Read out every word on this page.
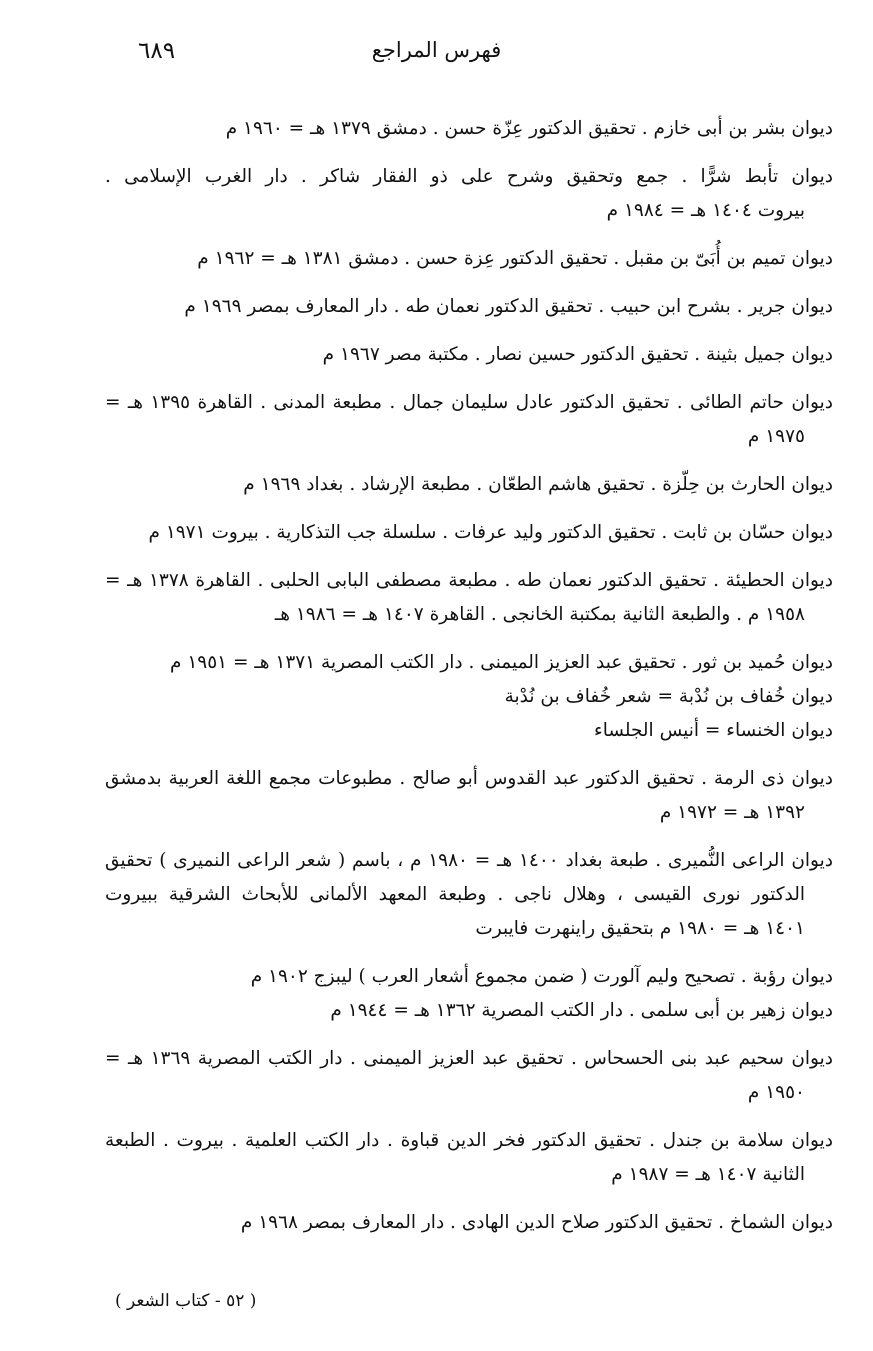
فهرس المراجع
٦٨٩
ديوان بشر بن أبى خازم . تحقيق الدكتور عِزّة حسن . دمشق ١٣٧٩ هـ = ١٩٦٠ م
ديوان تأبط شرًّا . جمع وتحقيق وشرح على ذو الفقار شاكر . دار الغرب الإسلامى .
بيروت ١٤٠٤ هـ = ١٩٨٤ م
ديوان تميم بن أُبَىّ بن مقبل . تحقيق الدكتور عِزة حسن . دمشق ١٣٨١ هـ = ١٩٦٢ م
ديوان جرير . بشرح ابن حبيب . تحقيق الدكتور نعمان طه . دار المعارف بمصر ١٩٦٩ م
ديوان جميل بثينة . تحقيق الدكتور حسين نصار . مكتبة مصر ١٩٦٧ م
ديوان حاتم الطائى . تحقيق الدكتور عادل سليمان جمال . مطبعة المدنى . القاهرة ١٣٩٥ هـ =
١٩٧٥ م
ديوان الحارث بن حِلّزة . تحقيق هاشم الطعّان . مطبعة الإرشاد . بغداد ١٩٦٩ م
ديوان حسّان بن ثابت . تحقيق الدكتور وليد عرفات . سلسلة جب التذكارية . بيروت ١٩٧١ م
ديوان الحطيئة . تحقيق الدكتور نعمان طه . مطبعة مصطفى البابى الحلبى . القاهرة ١٣٧٨ هـ =
١٩٥٨ م . والطبعة الثانية بمكتبة الخانجى . القاهرة ١٤٠٧ هـ = ١٩٨٦ هـ
ديوان حُميد بن ثور . تحقيق عبد العزيز الميمنى . دار الكتب المصرية ١٣٧١ هـ = ١٩٥١ م
ديوان خُفاف بن نُدْبة = شعر خُفاف بن نُدْبة
ديوان الخنساء = أنيس الجلساء
ديوان ذى الرمة . تحقيق الدكتور عبد القدوس أبو صالح . مطبوعات مجمع اللغة العربية بدمشق
١٣٩٢ هـ = ١٩٧٢ م
ديوان الراعى النُّميرى . طبعة بغداد ١٤٠٠ هـ = ١٩٨٠ م ، باسم ( شعر الراعى النميرى ) تحقيق
الدكتور نورى القيسى ، وهلال ناجى . وطبعة المعهد الألمانى للأبحاث الشرقية ببيروت
١٤٠١ هـ = ١٩٨٠ م بتحقيق راينهرت فايبرت
ديوان رؤبة . تصحيح وليم آلورت ( ضمن مجموع أشعار العرب ) ليبزج ١٩٠٢ م
ديوان زهير بن أبى سلمى . دار الكتب المصرية ١٣٦٢ هـ = ١٩٤٤ م
ديوان سحيم عبد بنى الحسحاس . تحقيق عبد العزيز الميمنى . دار الكتب المصرية ١٣٦٩ هـ =
١٩٥٠ م
ديوان سلامة بن جندل . تحقيق الدكتور فخر الدين قباوة . دار الكتب العلمية . بيروت . الطبعة
الثانية ١٤٠٧ هـ = ١٩٨٧ م
ديوان الشماخ . تحقيق الدكتور صلاح الدين الهادى . دار المعارف بمصر ١٩٦٨ م
( ٥٢ - كتاب الشعر )
